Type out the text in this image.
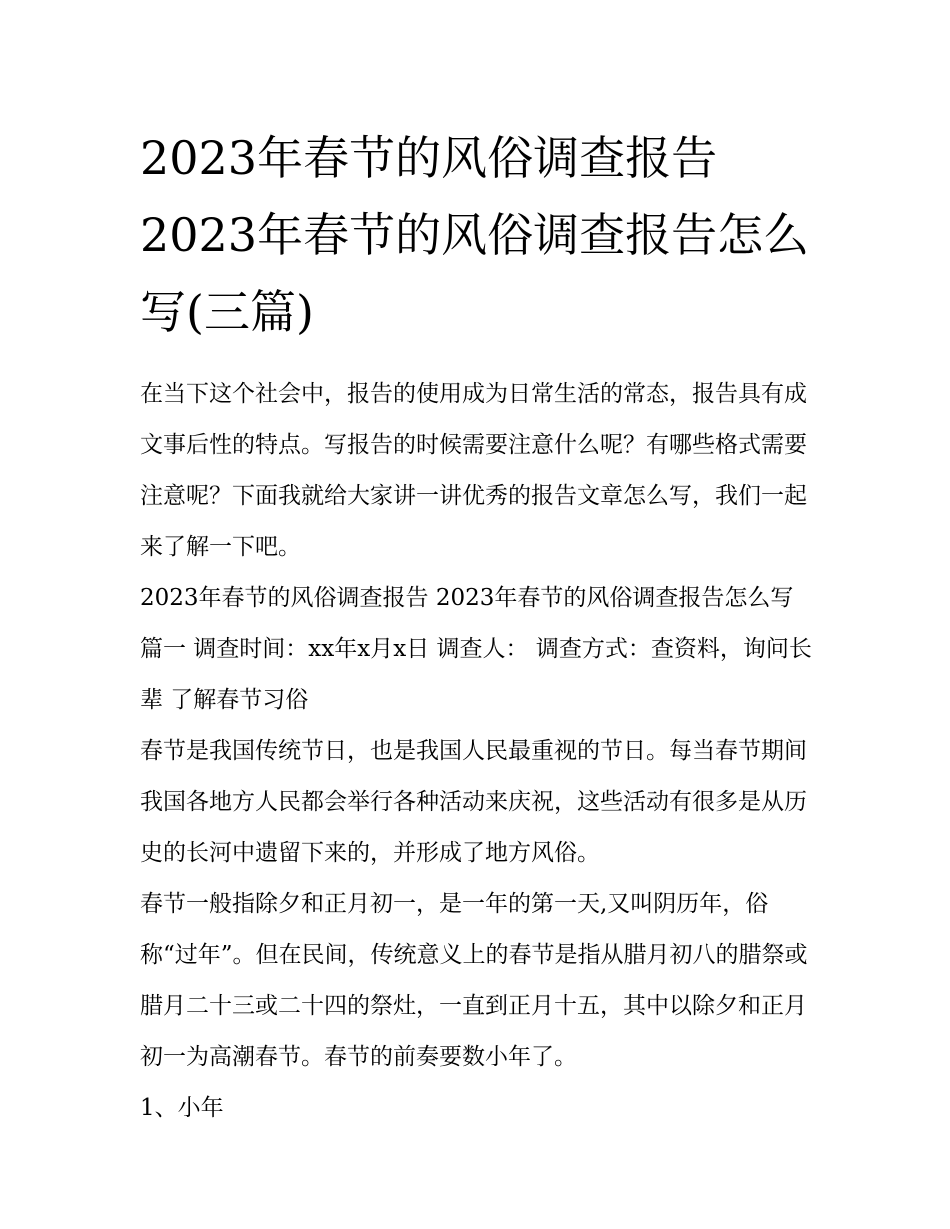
2023年春节的风俗调查报告
2023年春节的风俗调查报告怎么写(三篇)

在当下这个社会中，报告的使用成为日常生活的常态，报告具有成文事后性的特点。写报告的时候需要注意什么呢？有哪些格式需要注意呢？下面我就给大家讲一讲优秀的报告文章怎么写，我们一起来了解一下吧。

2023年春节的风俗调查报告 2023年春节的风俗调查报告怎么写篇一 调查时间：xx年x月x日 调查人： 调查方式：查资料，询问长辈 了解春节习俗

春节是我国传统节日，也是我国人民最重视的节日。每当春节期间我国各地方人民都会举行各种活动来庆祝，这些活动有很多是从历史的长河中遗留下来的，并形成了地方风俗。

春节一般指除夕和正月初一，是一年的第一天,又叫阴历年，俗称“过年”。但在民间，传统意义上的春节是指从腊月初八的腊祭或腊月二十三或二十四的祭灶，一直到正月十五，其中以除夕和正月初一为高潮春节。春节的前奏要数小年了。

1、小年
